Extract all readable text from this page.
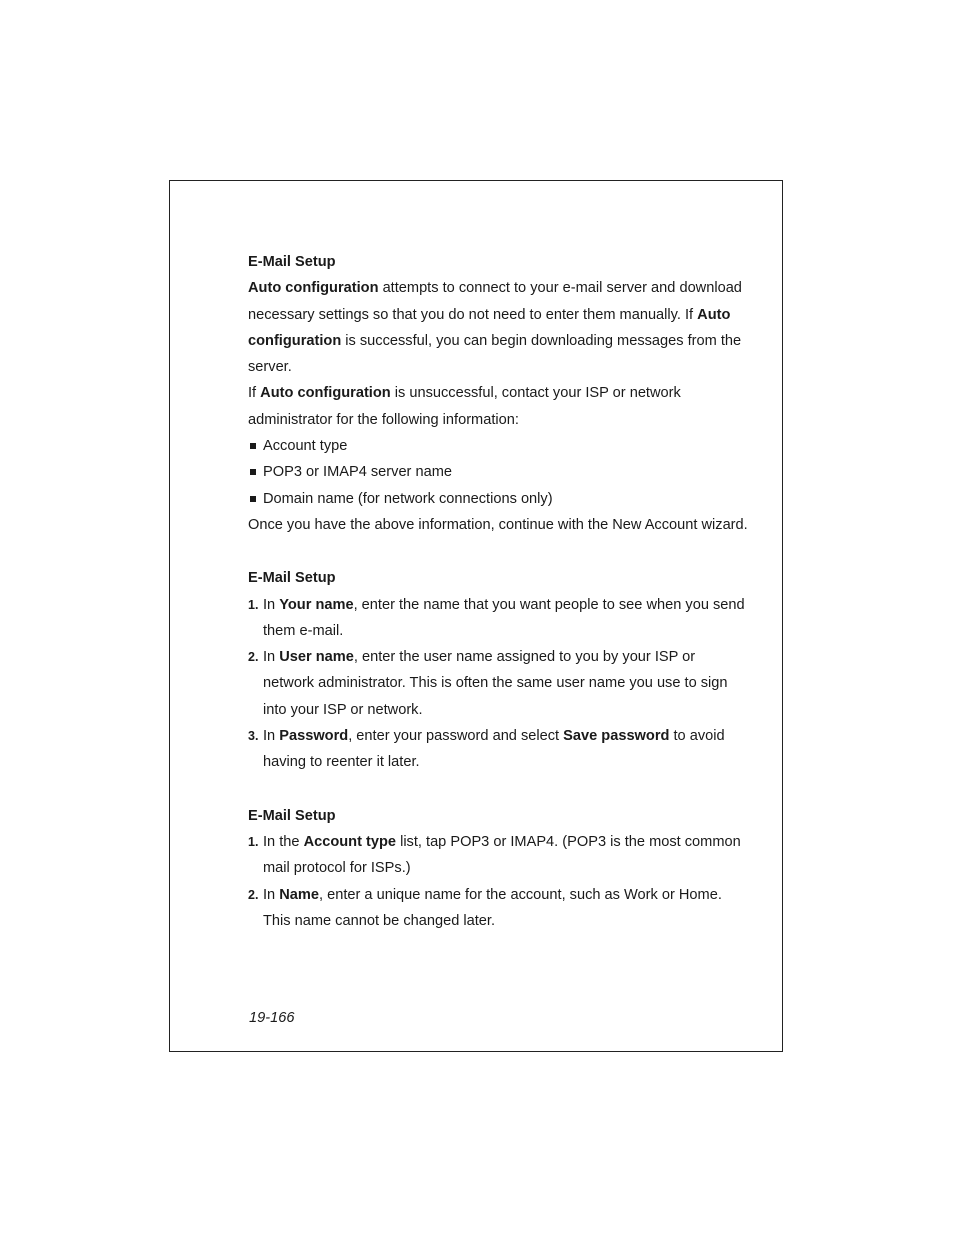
E-Mail Setup

Auto configuration attempts to connect to your e-mail server and download necessary settings so that you do not need to enter them manually. If Auto configuration is successful, you can begin downloading messages from the server.

If Auto configuration is unsuccessful, contact your ISP or network administrator for the following information:

Account type
POP3 or IMAP4 server name
Domain name (for network connections only)

Once you have the above information, continue with the New Account wizard.

E-Mail Setup

1. In Your name, enter the name that you want people to see when you send them e-mail.
2. In User name, enter the user name assigned to you by your ISP or network administrator. This is often the same user name you use to sign into your ISP or network.
3. In Password, enter your password and select Save password to avoid having to reenter it later.

E-Mail Setup

1. In the Account type list, tap POP3 or IMAP4. (POP3 is the most common mail protocol for ISPs.)
2. In Name, enter a unique name for the account, such as Work or Home. This name cannot be changed later.
19-166
